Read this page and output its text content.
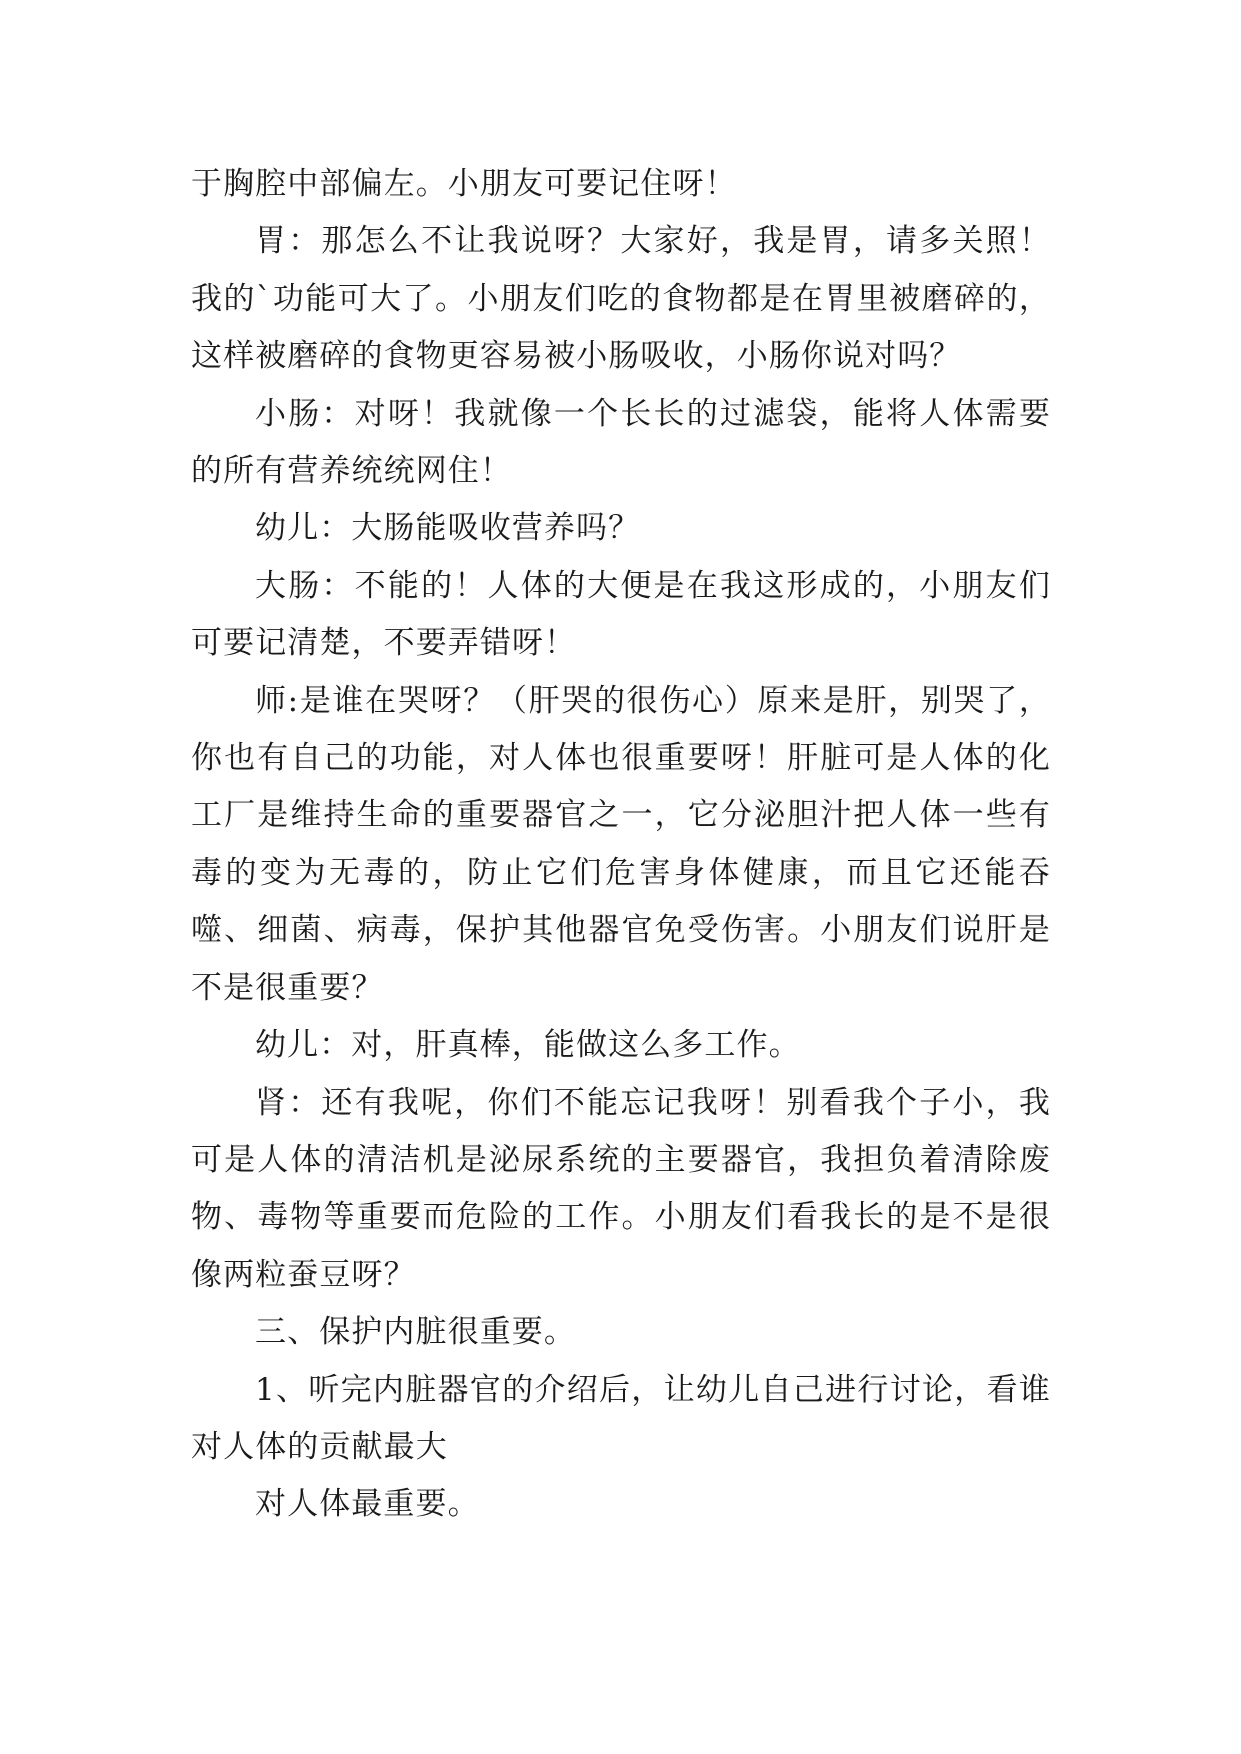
于胸腔中部偏左。小朋友可要记住呀！

胃：那怎么不让我说呀？大家好，我是胃，请多关照！我的`功能可大了。小朋友们吃的食物都是在胃里被磨碎的，这样被磨碎的食物更容易被小肠吸收，小肠你说对吗？

小肠：对呀！我就像一个长长的过滤袋，能将人体需要的所有营养统统网住！

幼儿：大肠能吸收营养吗？

大肠：不能的！人体的大便是在我这形成的，小朋友们可要记清楚，不要弄错呀！

师:是谁在哭呀？（肝哭的很伤心）原来是肝，别哭了，你也有自己的功能，对人体也很重要呀！肝脏可是人体的化工厂是维持生命的重要器官之一，它分泌胆汁把人体一些有毒的变为无毒的，防止它们危害身体健康，而且它还能吞噬、细菌、病毒，保护其他器官免受伤害。小朋友们说肝是不是很重要？

幼儿：对，肝真棒，能做这么多工作。

肾：还有我呢，你们不能忘记我呀！别看我个子小，我可是人体的清洁机是泌尿系统的主要器官，我担负着清除废物、毒物等重要而危险的工作。小朋友们看我长的是不是很像两粒蚕豆呀？

三、保护内脏很重要。

1、听完内脏器官的介绍后，让幼儿自己进行讨论，看谁对人体的贡献最大

对人体最重要。
